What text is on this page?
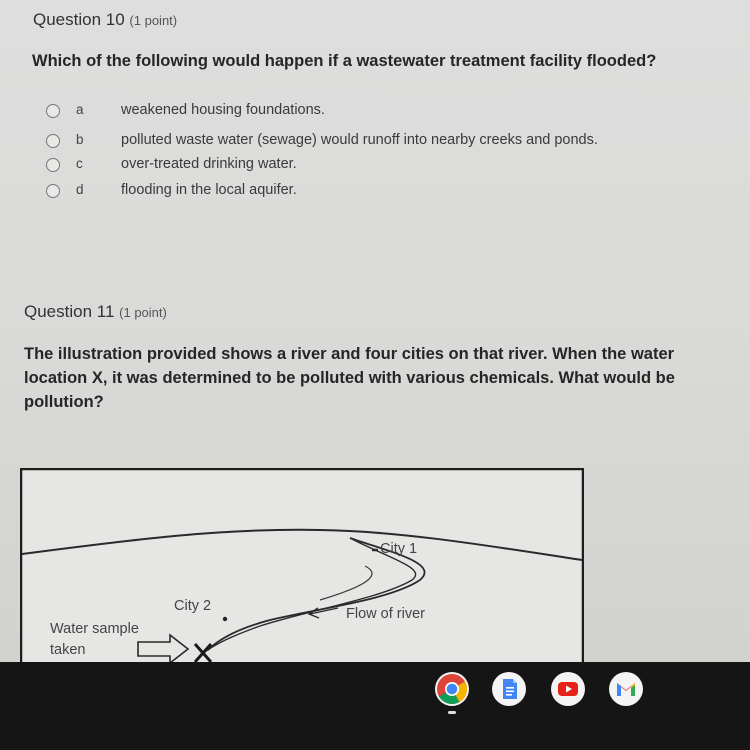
Question 10 (1 point)
Which of the following would happen if a wastewater treatment facility flooded?
a	weakened housing foundations.
b	polluted waste water (sewage) would runoff into nearby creeks and ponds.
c	over-treated drinking water.
d	flooding in the local aquifer.
Question 11 (1 point)
The illustration provided shows a river and four cities on that river. When the water
location X, it was determined to be polluted with various chemicals. What would be
pollution?
City 1
City 2	Flow of river
Water sample
taken
